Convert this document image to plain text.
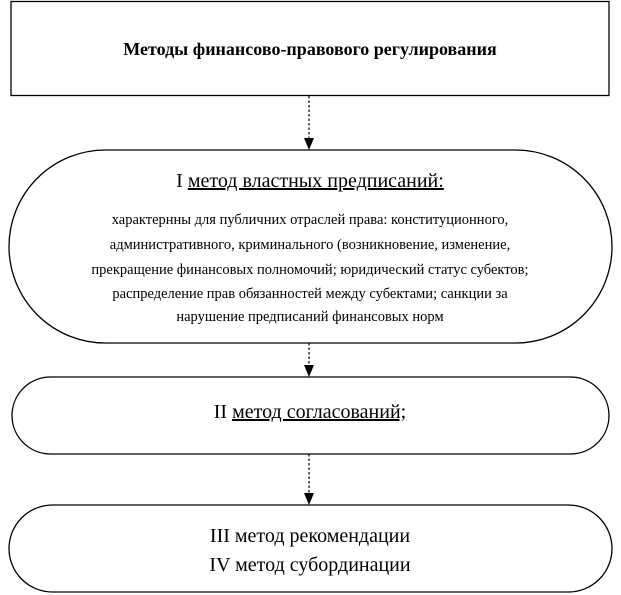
Методы финансово-правового регулирования
I метод властных предписаний:
характернны для публичних отраслей права: конституционного,
административного, криминального (возникновение, изменение,
прекращение финансовых полномочий; юридический статус субектов;
распределение прав обязанностей между субектами; санкции за
нарушение предписаний финансовых норм
II метод согласований;
III метод рекомендации
IV метод субординации
